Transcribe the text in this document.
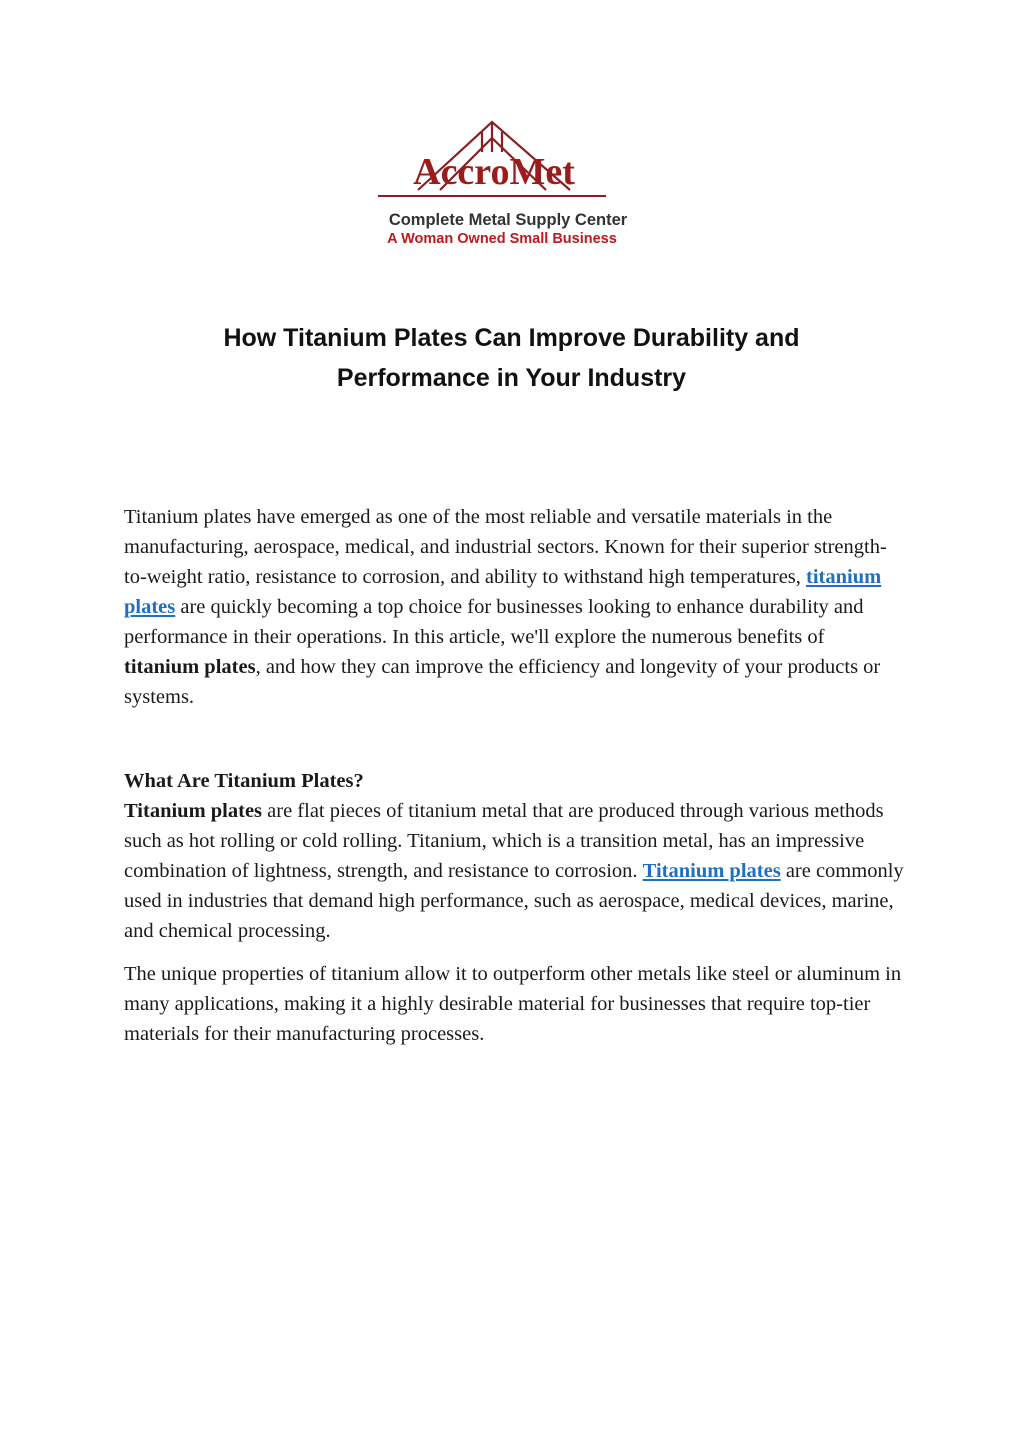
AccroMet
Complete Metal Supply Center
A Woman Owned Small Business
How Titanium Plates Can Improve Durability and
Performance in Your Industry

Titanium plates have emerged as one of the most reliable and versatile materials in the manufacturing, aerospace, medical, and industrial sectors. Known for their superior strength-to-weight ratio, resistance to corrosion, and ability to withstand high temperatures, titanium plates are quickly becoming a top choice for businesses looking to enhance durability and performance in their operations. In this article, we'll explore the numerous benefits of titanium plates, and how they can improve the efficiency and longevity of your products or systems.

What Are Titanium Plates?

Titanium plates are flat pieces of titanium metal that are produced through various methods such as hot rolling or cold rolling. Titanium, which is a transition metal, has an impressive combination of lightness, strength, and resistance to corrosion. Titanium plates are commonly used in industries that demand high performance, such as aerospace, medical devices, marine, and chemical processing.

The unique properties of titanium allow it to outperform other metals like steel or aluminum in many applications, making it a highly desirable material for businesses that require top-tier materials for their manufacturing processes.
